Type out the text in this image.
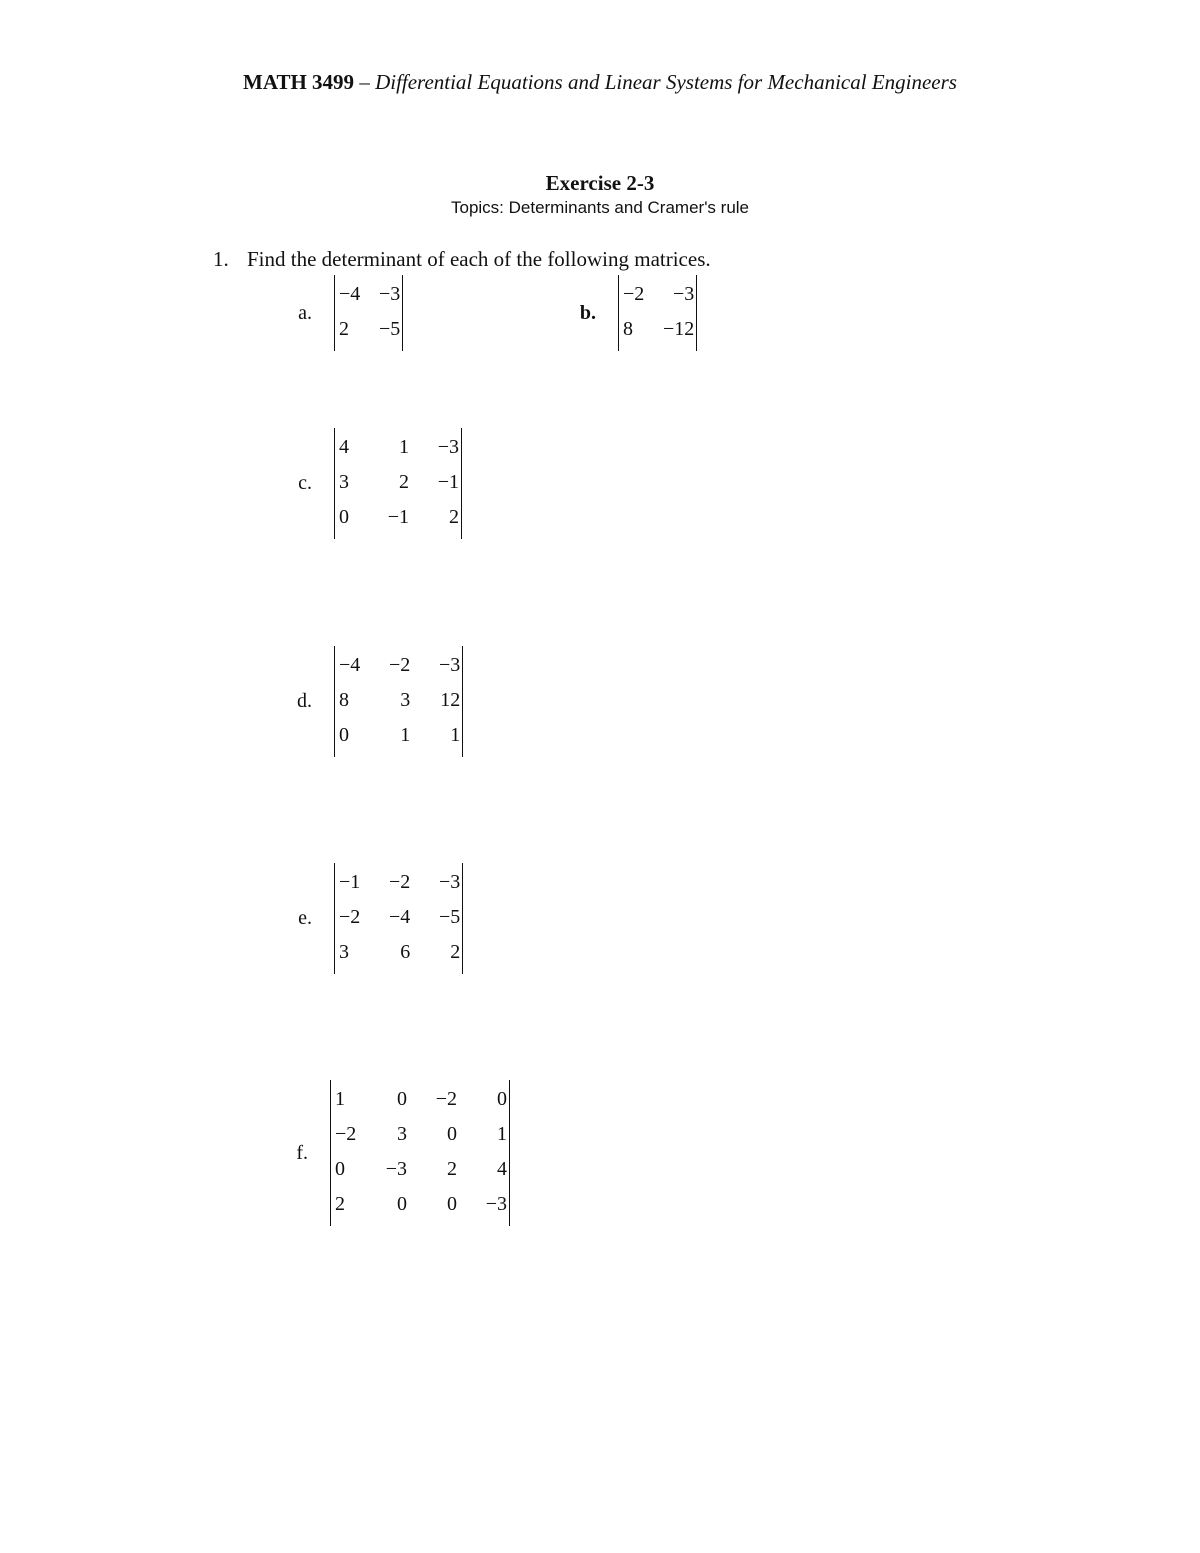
MATH 3499 – Differential Equations and Linear Systems for Mechanical Engineers
Exercise 2-3
Topics: Determinants and Cramer's rule
1. Find the determinant of each of the following matrices.
a.
−4	−3
2	−5
b.
−2	−3
8	−12
c.
4	1	−3
3	2	−1
0	−1	2
d.
−4	−2	−3
8	3	12
0	1	1
e.
−1	−2	−3
−2	−4	−5
3	6	2
f.
1	0	−2	0
−2	3	0	1
0	−3	2	4
2	0	0	−3
